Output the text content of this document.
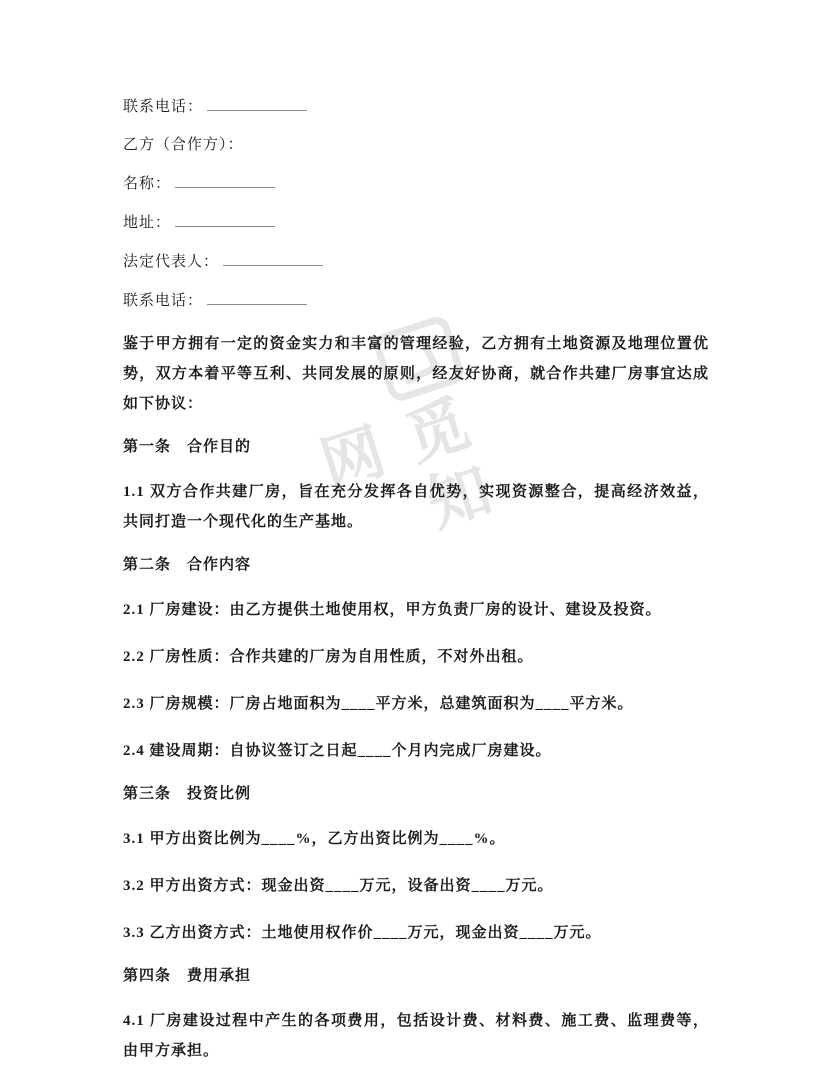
觅知网

联系电话：

乙方（合作方）：

名称：

地址：

法定代表人：

联系电话：

鉴于甲方拥有一定的资金实力和丰富的管理经验，乙方拥有土地资源及地理位置优势，双方本着平等互利、共同发展的原则，经友好协商，就合作共建厂房事宜达成如下协议：

第一条　合作目的

1.1 双方合作共建厂房，旨在充分发挥各自优势，实现资源整合，提高经济效益，共同打造一个现代化的生产基地。

第二条　合作内容

2.1 厂房建设：由乙方提供土地使用权，甲方负责厂房的设计、建设及投资。

2.2 厂房性质：合作共建的厂房为自用性质，不对外出租。

2.3 厂房规模：厂房占地面积为____平方米，总建筑面积为____平方米。

2.4 建设周期：自协议签订之日起____个月内完成厂房建设。

第三条　投资比例

3.1 甲方出资比例为____%，乙方出资比例为____%。

3.2 甲方出资方式：现金出资____万元，设备出资____万元。

3.3 乙方出资方式：土地使用权作价____万元，现金出资____万元。

第四条　费用承担

4.1 厂房建设过程中产生的各项费用，包括设计费、材料费、施工费、监理费等，由甲方承担。
